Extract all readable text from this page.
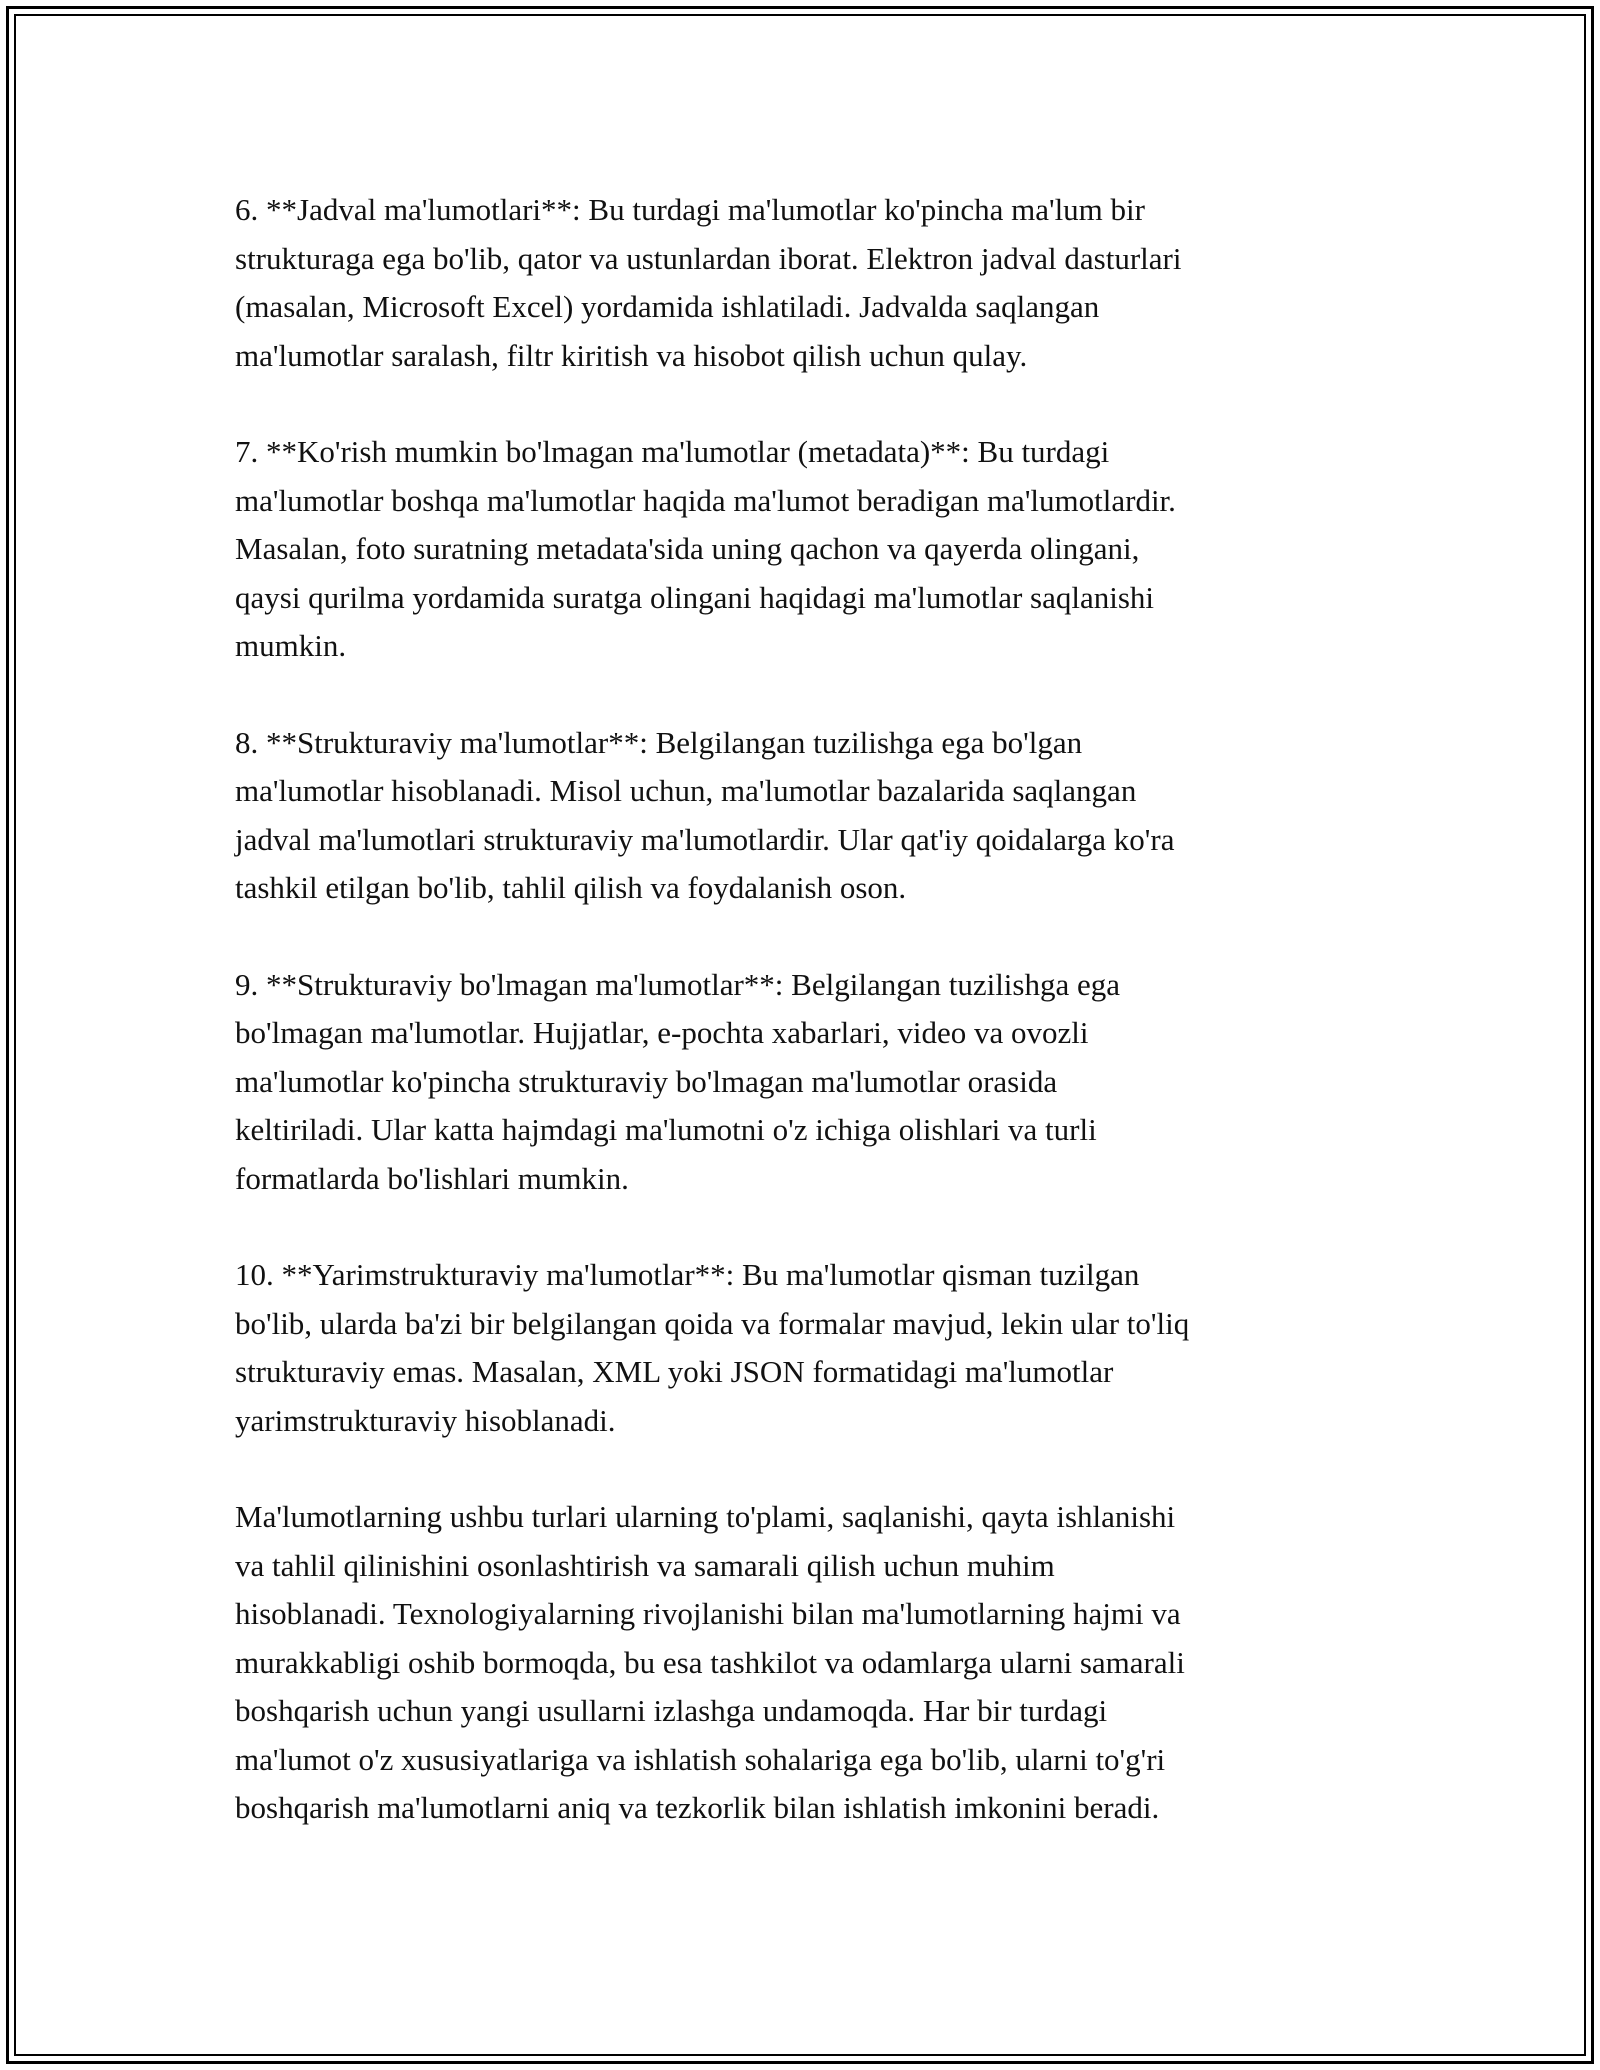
6. **Jadval ma'lumotlari**: Bu turdagi ma'lumotlar ko'pincha ma'lum bir
strukturaga ega bo'lib, qator va ustunlardan iborat. Elektron jadval dasturlari
(masalan, Microsoft Excel) yordamida ishlatiladi. Jadvalda saqlangan
ma'lumotlar saralash, filtr kiritish va hisobot qilish uchun qulay.

7. **Ko'rish mumkin bo'lmagan ma'lumotlar (metadata)**: Bu turdagi
ma'lumotlar boshqa ma'lumotlar haqida ma'lumot beradigan ma'lumotlardir.
Masalan, foto suratning metadata'sida uning qachon va qayerda olingani,
qaysi qurilma yordamida suratga olingani haqidagi ma'lumotlar saqlanishi
mumkin.

8. **Strukturaviy ma'lumotlar**: Belgilangan tuzilishga ega bo'lgan
ma'lumotlar hisoblanadi. Misol uchun, ma'lumotlar bazalarida saqlangan
jadval ma'lumotlari strukturaviy ma'lumotlardir. Ular qat'iy qoidalarga ko'ra
tashkil etilgan bo'lib, tahlil qilish va foydalanish oson.

9. **Strukturaviy bo'lmagan ma'lumotlar**: Belgilangan tuzilishga ega
bo'lmagan ma'lumotlar. Hujjatlar, e-pochta xabarlari, video va ovozli
ma'lumotlar ko'pincha strukturaviy bo'lmagan ma'lumotlar orasida
keltiriladi. Ular katta hajmdagi ma'lumotni o'z ichiga olishlari va turli
formatlarda bo'lishlari mumkin.

10. **Yarimstrukturaviy ma'lumotlar**: Bu ma'lumotlar qisman tuzilgan
bo'lib, ularda ba'zi bir belgilangan qoida va formalar mavjud, lekin ular to'liq
strukturaviy emas. Masalan, XML yoki JSON formatidagi ma'lumotlar
yarimstrukturaviy hisoblanadi.

Ma'lumotlarning ushbu turlari ularning to'plami, saqlanishi, qayta ishlanishi
va tahlil qilinishini osonlashtirish va samarali qilish uchun muhim
hisoblanadi. Texnologiyalarning rivojlanishi bilan ma'lumotlarning hajmi va
murakkabligi oshib bormoqda, bu esa tashkilot va odamlarga ularni samarali
boshqarish uchun yangi usullarni izlashga undamoqda. Har bir turdagi
ma'lumot o'z xususiyatlariga va ishlatish sohalariga ega bo'lib, ularni to'g'ri
boshqarish ma'lumotlarni aniq va tezkorlik bilan ishlatish imkonini beradi.
